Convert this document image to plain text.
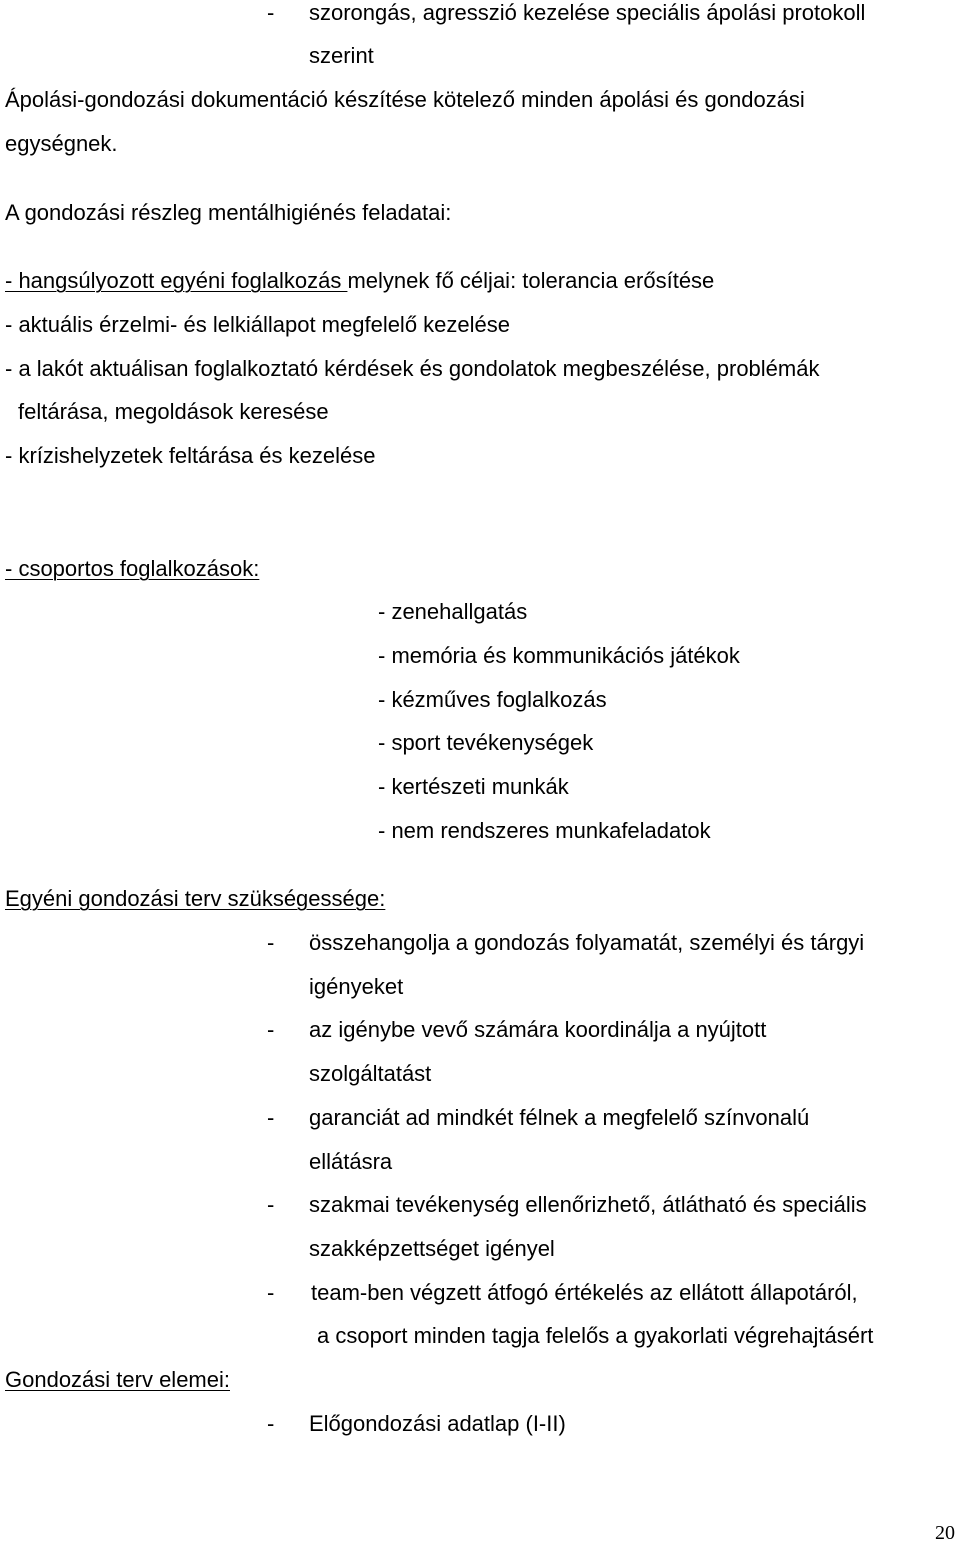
- szorongás, agresszió kezelése speciális ápolási protokoll
szerint
Ápolási-gondozási dokumentáció készítése kötelező minden ápolási és gondozási
egységnek.
A gondozási részleg mentálhigiénés feladatai:
- hangsúlyozott egyéni foglalkozás melynek fő céljai: tolerancia erősítése
- aktuális érzelmi- és lelkiállapot megfelelő kezelése
- a lakót aktuálisan foglalkoztató kérdések és gondolatok megbeszélése, problémák
feltárása, megoldások keresése
- krízishelyzetek feltárása és kezelése
- csoportos foglalkozások:
- zenehallgatás
- memória és kommunikációs játékok
- kézműves foglalkozás
- sport tevékenységek
- kertészeti munkák
- nem rendszeres munkafeladatok
Egyéni gondozási terv szükségessége:
- összehangolja a gondozás folyamatát, személyi és tárgyi
igényeket
- az igénybe vevő számára koordinálja a nyújtott
szolgáltatást
- garanciát ad mindkét félnek a megfelelő színvonalú
ellátásra
- szakmai tevékenység ellenőrizhető, átlátható és speciális
szakképzettséget igényel
- team-ben végzett átfogó értékelés az ellátott állapotáról,
a csoport minden tagja felelős a gyakorlati végrehajtásért
Gondozási terv elemei:
- Előgondozási adatlap (I-II)
20
